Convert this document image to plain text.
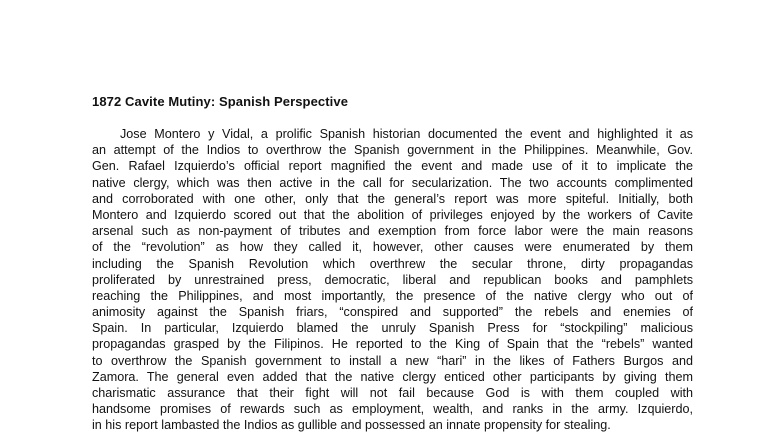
1872 Cavite Mutiny: Spanish Perspective
Jose Montero y Vidal, a prolific Spanish historian documented the event and highlighted it as
an attempt of the Indios to overthrow the Spanish government in the Philippines. Meanwhile, Gov.
Gen. Rafael Izquierdo’s official report magnified the event and made use of it to implicate the
native clergy, which was then active in the call for secularization. The two accounts complimented
and corroborated with one other, only that the general’s report was more spiteful. Initially, both
Montero and Izquierdo scored out that the abolition of privileges enjoyed by the workers of Cavite
arsenal such as non-payment of tributes and exemption from force labor were the main reasons
of the “revolution” as how they called it, however, other causes were enumerated by them
including the Spanish Revolution which overthrew the secular throne, dirty propagandas
proliferated by unrestrained press, democratic, liberal and republican books and pamphlets
reaching the Philippines, and most importantly, the presence of the native clergy who out of
animosity against the Spanish friars, “conspired and supported” the rebels and enemies of
Spain. In particular, Izquierdo blamed the unruly Spanish Press for “stockpiling” malicious
propagandas grasped by the Filipinos. He reported to the King of Spain that the “rebels” wanted
to overthrow the Spanish government to install a new “hari” in the likes of Fathers Burgos and
Zamora. The general even added that the native clergy enticed other participants by giving them
charismatic assurance that their fight will not fail because God is with them coupled with
handsome promises of rewards such as employment, wealth, and ranks in the army. Izquierdo,
in his report lambasted the Indios as gullible and possessed an innate propensity for stealing.
